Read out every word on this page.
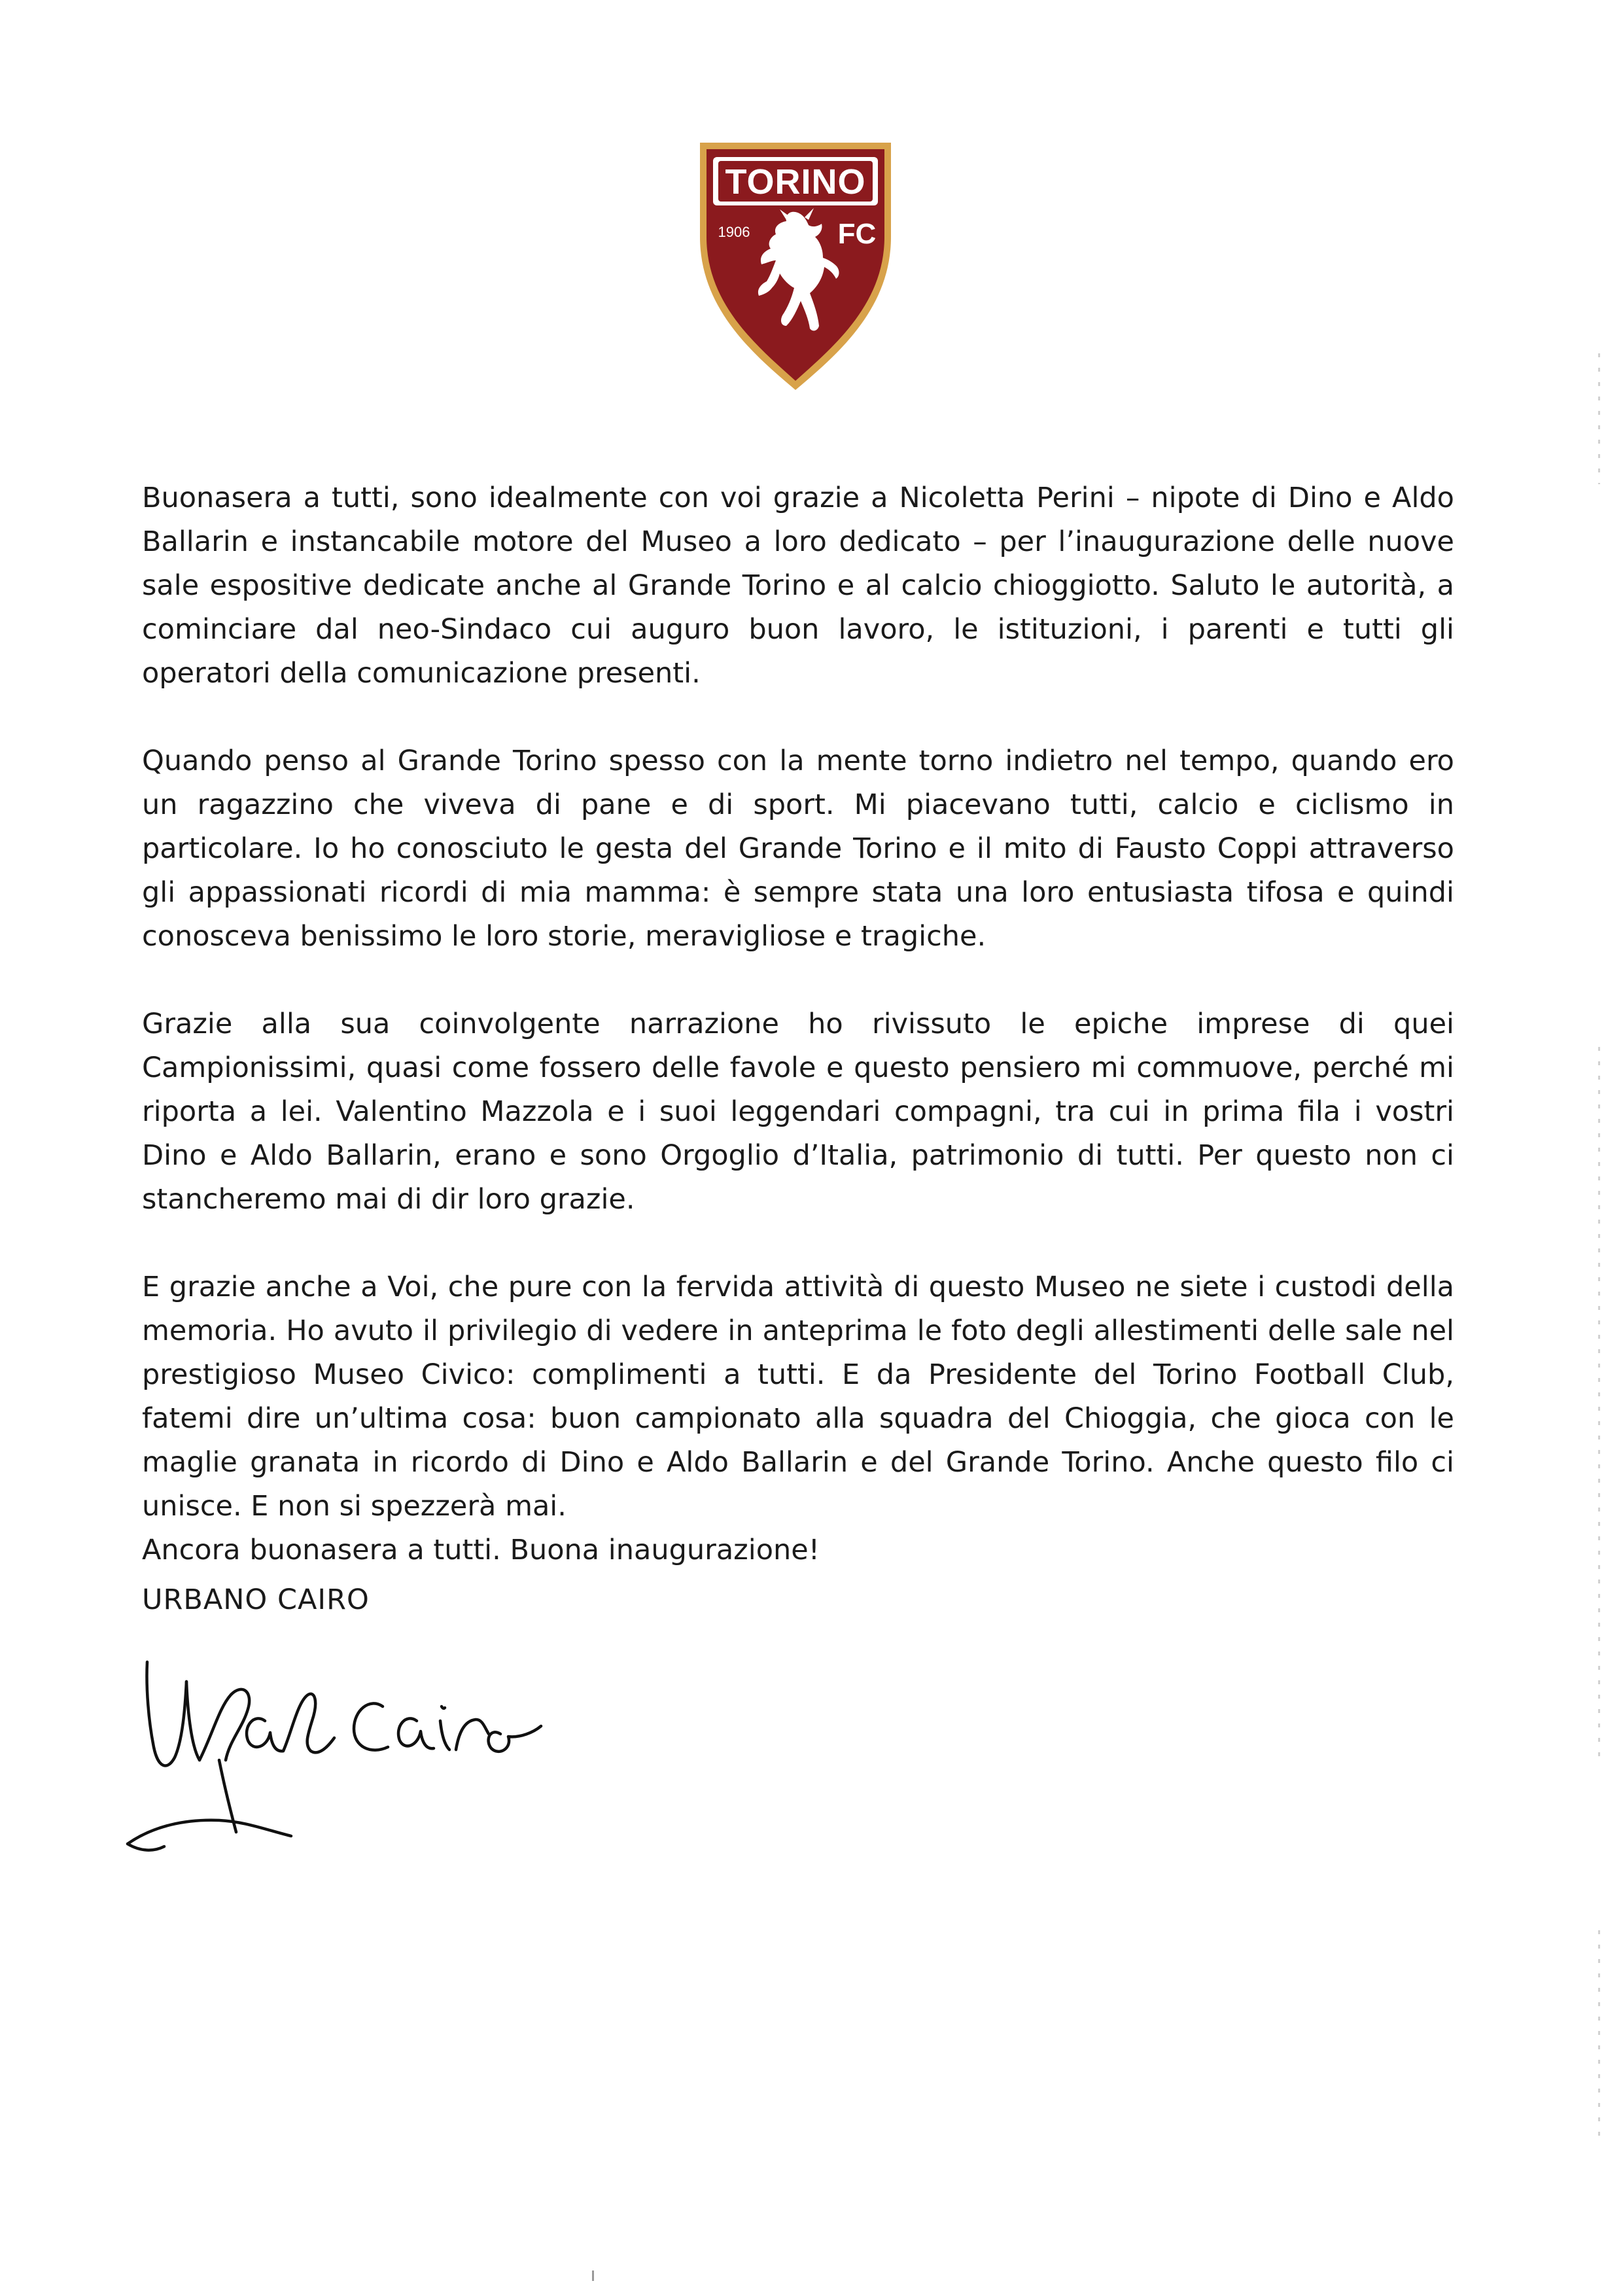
TORINO
1906	FC

Buonasera a tutti, sono idealmente con voi grazie a Nicoletta Perini – nipote di Dino e Aldo Ballarin e instancabile motore del Museo a loro dedicato – per l’inaugurazione delle nuove sale espositive dedicate anche al Grande Torino e al calcio chioggiotto. Saluto le autorità, a cominciare dal neo-Sindaco cui auguro buon lavoro, le istituzioni, i parenti e tutti gli operatori della comunicazione presenti.

Quando penso al Grande Torino spesso con la mente torno indietro nel tempo, quando ero un ragazzino che viveva di pane e di sport. Mi piacevano tutti, calcio e ciclismo in particolare. Io ho conosciuto le gesta del Grande Torino e il mito di Fausto Coppi attraverso gli appassionati ricordi di mia mamma: è sempre stata una loro entusiasta tifosa e quindi conosceva benissimo le loro storie, meravigliose e tragiche.

Grazie alla sua coinvolgente narrazione ho rivissuto le epiche imprese di quei Campionissimi, quasi come fossero delle favole e questo pensiero mi commuove, perché mi riporta a lei. Valentino Mazzola e i suoi leggendari compagni, tra cui in prima fila i vostri Dino e Aldo Ballarin, erano e sono Orgoglio d’Italia, patrimonio di tutti. Per questo non ci stancheremo mai di dir loro grazie.

E grazie anche a Voi, che pure con la fervida attività di questo Museo ne siete i custodi della memoria. Ho avuto il privilegio di vedere in anteprima le foto degli allestimenti delle sale nel prestigioso Museo Civico: complimenti a tutti. E da Presidente del Torino Football Club, fatemi dire un’ultima cosa: buon campionato alla squadra del Chioggia, che gioca con le maglie granata in ricordo di Dino e Aldo Ballarin e del Grande Torino. Anche questo filo ci unisce. E non si spezzerà mai.

Ancora buonasera a tutti. Buona inaugurazione!

URBANO CAIRO
